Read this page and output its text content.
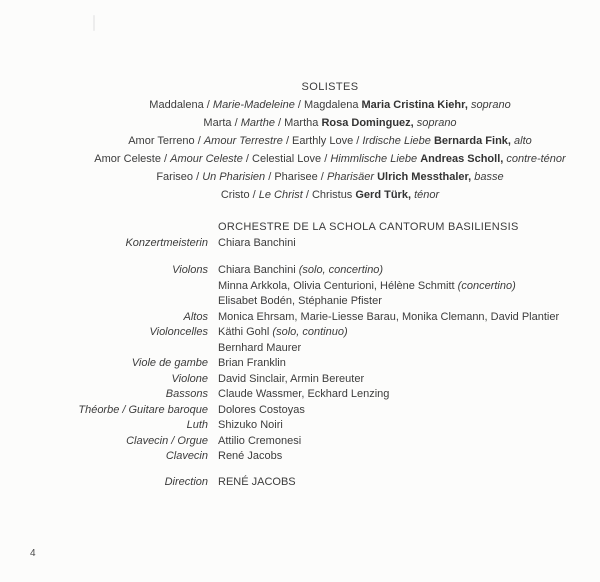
SOLISTES
Maddalena / Marie-Madeleine / Magdalena Maria Cristina Kiehr, soprano
Marta / Marthe / Martha Rosa Dominguez, soprano
Amor Terreno / Amour Terrestre / Earthly Love / Irdische Liebe Bernarda Fink, alto
Amor Celeste / Amour Celeste / Celestial Love / Himmlische Liebe Andreas Scholl, contre-ténor
Fariseo / Un Pharisien / Pharisee / Pharisäer Ulrich Messthaler, basse
Cristo / Le Christ / Christus Gerd Türk, ténor
ORCHESTRE DE LA SCHOLA CANTORUM BASILIENSIS
Konzertmeisterin Chiara Banchini
Violons Chiara Banchini (solo, concertino)
Minna Arkkola, Olivia Centurioni, Hélène Schmitt (concertino)
Elisabet Bodén, Stéphanie Pfister
Altos Monica Ehrsam, Marie-Liesse Barau, Monika Clemann, David Plantier
Violoncelles Käthi Gohl (solo, continuo)
Bernhard Maurer
Viole de gambe Brian Franklin
Violone David Sinclair, Armin Bereuter
Bassons Claude Wassmer, Eckhard Lenzing
Théorbe / Guitare baroque Dolores Costoyas
Luth Shizuko Noiri
Clavecin / Orgue Attilio Cremonesi
Clavecin René Jacobs
Direction RENÉ JACOBS
4
